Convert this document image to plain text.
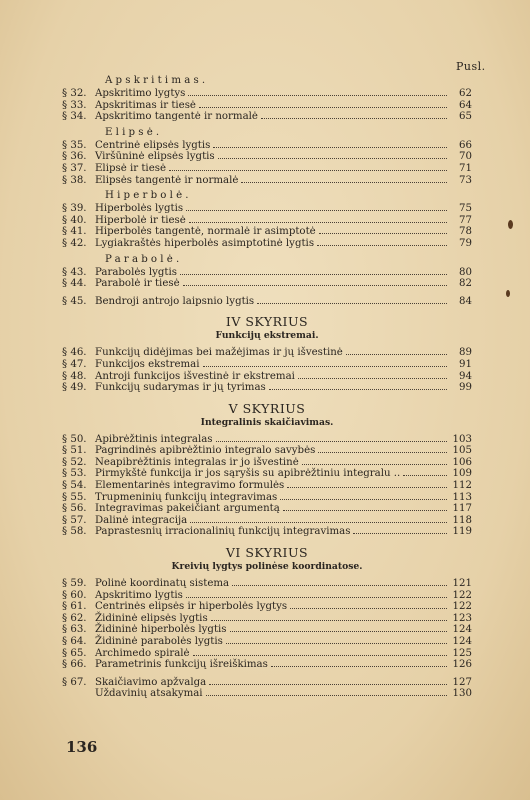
Pusl.
Apskritimas.
§ 32. Apskritimo lygtys	62
§ 33. Apskritimas ir tiesė	64
§ 34. Apskritimo tangentė ir normalė	65
Elipsė.
§ 35. Centrinė elipsės lygtis	66
§ 36. Viršūninė elipsės lygtis	70
§ 37. Elipsė ir tiesė	71
§ 38. Elipsės tangentė ir normalė	73
Hiperbolė.
§ 39. Hiperbolės lygtis	75
§ 40. Hiperbolė ir tiesė	77
§ 41. Hiperbolės tangentė, normalė ir asimptotė	78
§ 42. Lygiakraštės hiperbolės asimptotinė lygtis	79
Parabolė.
§ 43. Parabolės lygtis	80
§ 44. Parabolė ir tiesė	82
§ 45. Bendroji antrojo laipsnio lygtis	84
IV SKYRIUS
Funkcijų ekstremai.
§ 46. Funkcijų didėjimas bei mažėjimas ir jų išvestinė	89
§ 47. Funkcijos ekstremai	91
§ 48. Antroji funkcijos išvestinė ir ekstremai	94
§ 49. Funkcijų sudarymas ir jų tyrimas	99
V SKYRIUS
Integralinis skaičiavimas.
§ 50. Apibrėžtinis integralas	103
§ 51. Pagrindinės apibrėžtinio integralo savybės	105
§ 52. Neapibrėžtinis integralas ir jo išvestinė	106
§ 53. Pirmykštė funkcija ir jos sąryšis su apibrėžtiniu integralu ..	109
§ 54. Elementarinės integravimo formulės	112
§ 55. Trupmeninių funkcijų integravimas	113
§ 56. Integravimas pakeičiant argumentą	117
§ 57. Dalinė integracija	118
§ 58. Paprastesnių irracionalinių funkcijų integravimas	119
VI SKYRIUS
Kreivių lygtys polinėse koordinatose.
§ 59. Polinė koordinatų sistema	121
§ 60. Apskritimo lygtis	122
§ 61. Centrinės elipsės ir hiperbolės lygtys	122
§ 62. Židininė elipsės lygtis	123
§ 63. Židininė hiperbolės lygtis	124
§ 64. Židininė parabolės lygtis	124
§ 65. Archimedo spiralė	125
§ 66. Parametrinis funkcijų išreiškimas	126
§ 67. Skaičiavimo apžvalga	127
Uždavinių atsakymai	130
136
